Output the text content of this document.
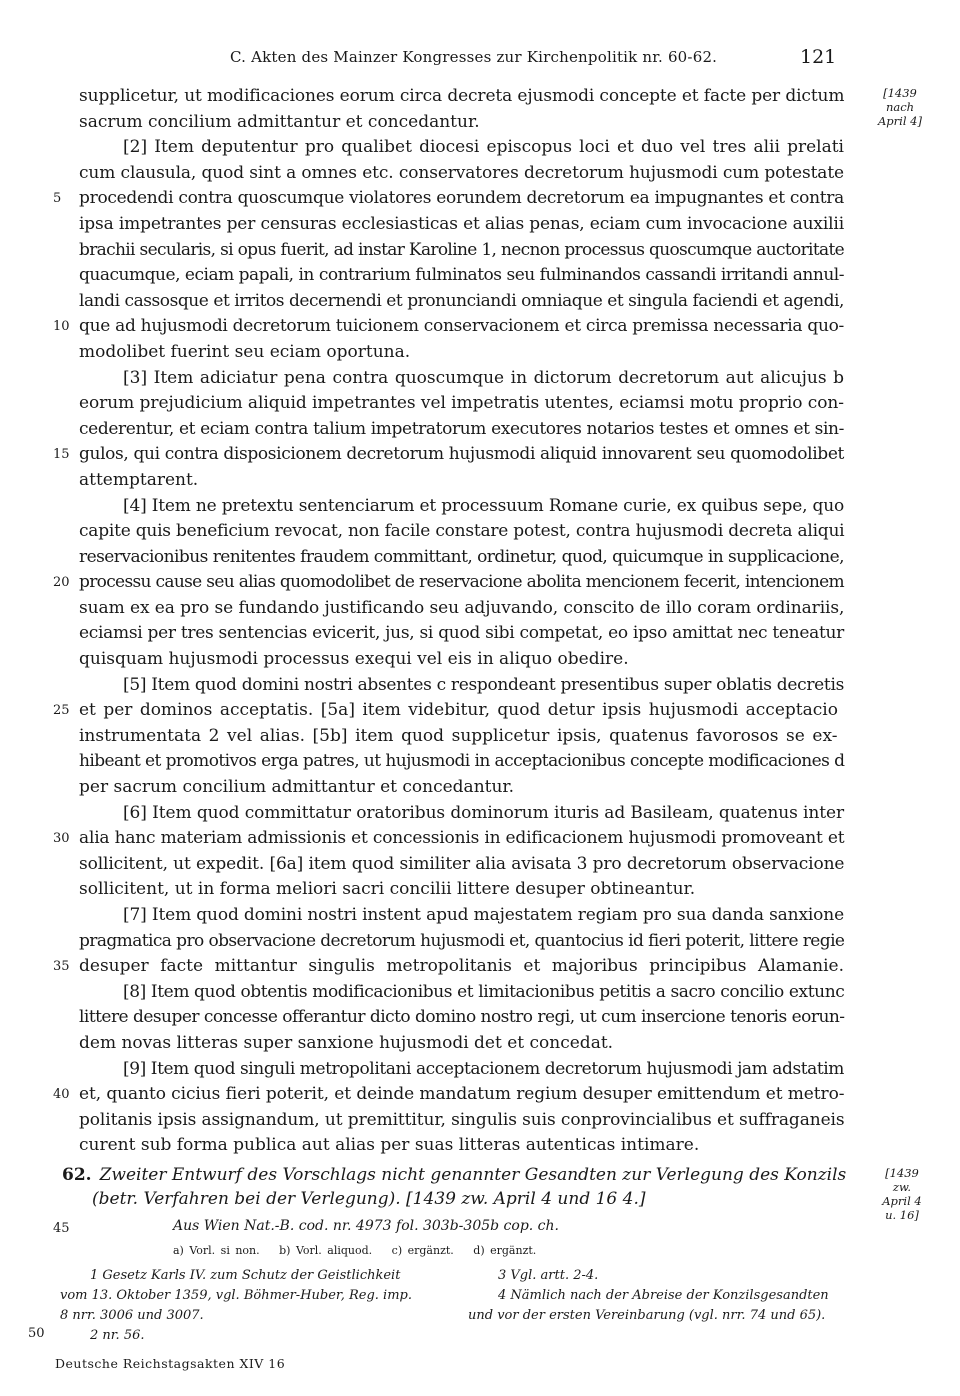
C. Akten des Mainzer Kongresses zur Kirchenpolitik nr. 60-62.	121
[1439
nach
April 4]
supplicetur, ut modificaciones eorum circa decreta ejusmodi concepte et facte per dictum
sacrum concilium admittantur et concedantur.
[2] Item deputentur pro qualibet diocesi episcopus loci et duo vel tres alii prelati
cum clausula, quod sint a omnes etc. conservatores decretorum hujusmodi cum potestate
5	procedendi contra quoscumque violatores eorundem decretorum ea impugnantes et contra
ipsa impetrantes per censuras ecclesiasticas et alias penas, eciam cum invocacione auxilii
brachii secularis, si opus fuerit, ad instar Karoline 1, necnon processus quoscumque auctoritate
quacumque, eciam papali, in contrarium fulminatos seu fulminandos cassandi irritandi annul-
landi cassosque et irritos decernendi et pronunciandi omniaque et singula faciendi et agendi,
10 que ad hujusmodi decretorum tuicionem conservacionem et circa premissa necessaria quo-
modolibet fuerint seu eciam oportuna.
[3] Item adiciatur pena contra quoscumque in dictorum decretorum aut alicujus b
eorum prejudicium aliquid impetrantes vel impetratis utentes, eciamsi motu proprio con-
cederentur, et eciam contra talium impetratorum executores notarios testes et omnes et sin-
15 gulos, qui contra disposicionem decretorum hujusmodi aliquid innovarent seu quomodolibet
attemptarent.
[4] Item ne pretextu sentenciarum et processuum Romane curie, ex quibus sepe, quo
capite quis beneficium revocat, non facile constare potest, contra hujusmodi decreta aliqui
reservacionibus renitentes fraudem committant, ordinetur, quod, quicumque in supplicacione,
20 processu cause seu alias quomodolibet de reservacione abolita mencionem fecerit, intencionem
suam ex ea pro se fundando justificando seu adjuvando, conscito de illo coram ordinariis,
eciamsi per tres sentencias evicerit, jus, si quod sibi competat, eo ipso amittat nec teneatur
quisquam hujusmodi processus exequi vel eis in aliquo obedire.
[5] Item quod domini nostri absentes c respondeant presentibus super oblatis decretis
25 et per dominos acceptatis. [5a] item videbitur, quod detur ipsis hujusmodi acceptacio
instrumentata 2 vel alias. [5b] item quod supplicetur ipsis, quatenus favorosos se ex-
hibeant et promotivos erga patres, ut hujusmodi in acceptacionibus concepte modificaciones d
per sacrum concilium admittantur et concedantur.
[6] Item quod committatur oratoribus dominorum ituris ad Basileam, quatenus inter
30 alia hanc materiam admissionis et concessionis in edificacionem hujusmodi promoveant et
sollicitent, ut expedit. [6a] item quod similiter alia avisata 3 pro decretorum observacione
sollicitent, ut in forma meliori sacri concilii littere desuper obtineantur.
[7] Item quod domini nostri instent apud majestatem regiam pro sua danda sanxione
pragmatica pro observacione decretorum hujusmodi et, quantocius id fieri poterit, littere regie
35 desuper facte mittantur singulis metropolitanis et majoribus principibus Alamanie.
[8] Item quod obtentis modificacionibus et limitacionibus petitis a sacro concilio extunc
littere desuper concesse offerantur dicto domino nostro regi, ut cum insercione tenoris eorun-
dem novas litteras super sanxione hujusmodi det et concedat.
[9] Item quod singuli metropolitani acceptacionem decretorum hujusmodi jam adstatim
40 et, quanto cicius fieri poterit, et deinde mandatum regium desuper emittendum et metro-
politanis ipsis assignandum, ut premittitur, singulis suis conprovincialibus et suffraganeis
curent sub forma publica aut alias per suas litteras autenticas intimare.
62. Zweiter Entwurf des Vorschlags nicht genannter Gesandten zur Verlegung des Konzils
(betr. Verfahren bei der Verlegung). [1439 zw. April 4 und 16 4.]
[1439
zw.
April 4
u. 16]
45	Aus Wien Nat.-B. cod. nr. 4973 fol. 303b-305b cop. ch.
a) Vorl. si non. b) Vorl. aliquod. c) ergänzt. d) ergänzt.
1 Gesetz Karls IV. zum Schutz der Geistlichkeit
vom 13. Oktober 1359, vgl. Böhmer-Huber, Reg. imp.
8 nrr. 3006 und 3007.
2 nr. 56.
3 Vgl. artt. 2-4.
4 Nämlich nach der Abreise der Konzilsgesandten
und vor der ersten Vereinbarung (vgl. nrr. 74 und 65).
50
Deutsche Reichstagsakten XIV 16
